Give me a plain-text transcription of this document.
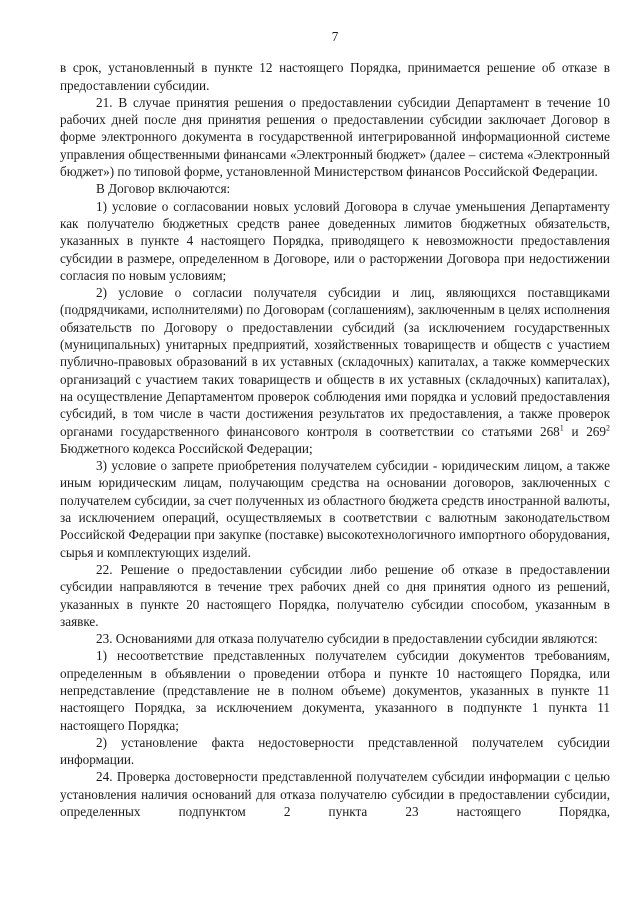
7

в срок, установленный в пункте 12 настоящего Порядка, принимается решение об отказе в предоставлении субсидии.

21. В случае принятия решения о предоставлении субсидии Департамент в течение 10 рабочих дней после дня принятия решения о предоставлении субсидии заключает Договор в форме электронного документа в государственной интегрированной информационной системе управления общественными финансами «Электронный бюджет» (далее – система «Электронный бюджет») по типовой форме, установленной Министерством финансов Российской Федерации.

В Договор включаются:

1) условие о согласовании новых условий Договора в случае уменьшения Департаменту как получателю бюджетных средств ранее доведенных лимитов бюджетных обязательств, указанных в пункте 4 настоящего Порядка, приводящего к невозможности предоставления субсидии в размере, определенном в Договоре, или о расторжении Договора при недостижении согласия по новым условиям;

2) условие о согласии получателя субсидии и лиц, являющихся поставщиками (подрядчиками, исполнителями) по Договорам (соглашениям), заключенным в целях исполнения обязательств по Договору о предоставлении субсидий (за исключением государственных (муниципальных) унитарных предприятий, хозяйственных товариществ и обществ с участием публично-правовых образований в их уставных (складочных) капиталах, а также коммерческих организаций с участием таких товариществ и обществ в их уставных (складочных) капиталах), на осуществление Департаментом проверок соблюдения ими порядка и условий предоставления субсидий, в том числе в части достижения результатов их предоставления, а также проверок органами государственного финансового контроля в соответствии со статьями $268^1$ и $269^2$ Бюджетного кодекса Российской Федерации;

3) условие о запрете приобретения получателем субсидии - юридическим лицом, а также иным юридическим лицам, получающим средства на основании договоров, заключенных с получателем субсидии, за счет полученных из областного бюджета средств иностранной валюты, за исключением операций, осуществляемых в соответствии с валютным законодательством Российской Федерации при закупке (поставке) высокотехнологичного импортного оборудования, сырья и комплектующих изделий.

22. Решение о предоставлении субсидии либо решение об отказе в предоставлении субсидии направляются в течение трех рабочих дней со дня принятия одного из решений, указанных в пункте 20 настоящего Порядка, получателю субсидии способом, указанным в заявке.

23. Основаниями для отказа получателю субсидии в предоставлении субсидии являются:

1) несоответствие представленных получателем субсидии документов требованиям, определенным в объявлении о проведении отбора и пункте 10 настоящего Порядка, или непредставление (представление не в полном объеме) документов, указанных в пункте 11 настоящего Порядка, за исключением документа, указанного в подпункте 1 пункта 11 настоящего Порядка;

2) установление факта недостоверности представленной получателем субсидии информации.

24. Проверка достоверности представленной получателем субсидии информации с целью установления наличия оснований для отказа получателю субсидии в предоставлении субсидии, определенных подпунктом 2 пункта 23 настоящего Порядка,
